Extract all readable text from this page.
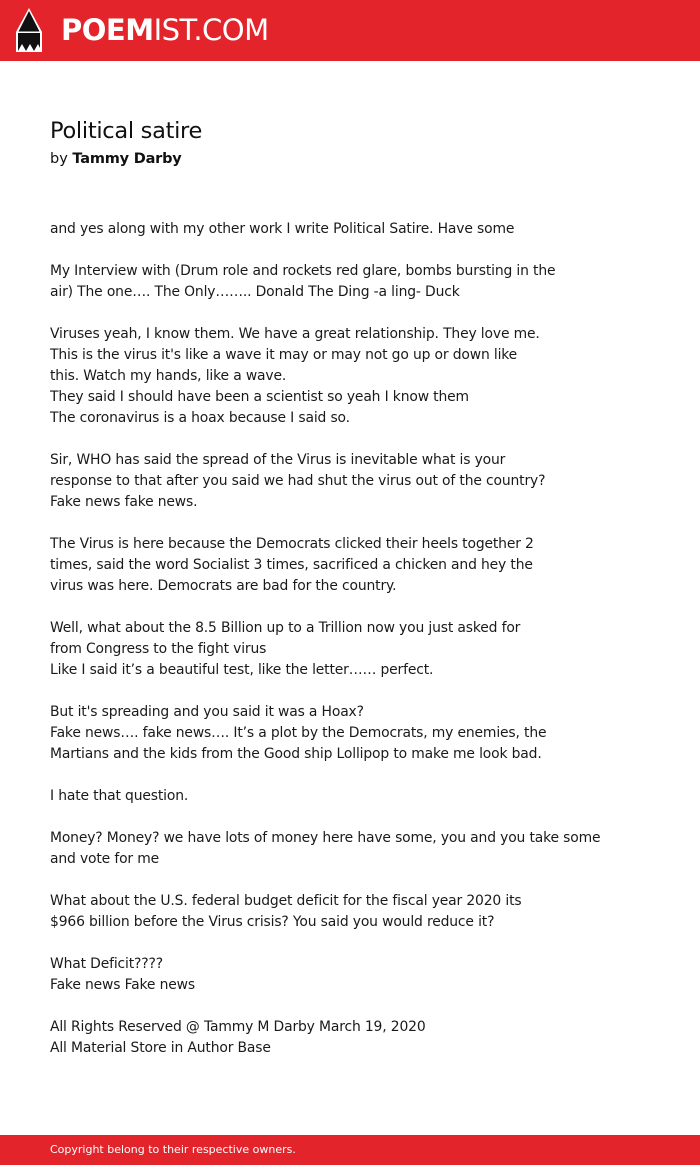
POEMIST.COM
Political satire
by Tammy Darby

and yes along with my other work I write Political Satire. Have some

My Interview with (Drum role and rockets red glare, bombs bursting in the
air) The one…. The Only…….. Donald The Ding -a ling- Duck

Viruses yeah, I know them. We have a great relationship. They love me.
This is the virus it's like a wave it may or may not go up or down like
this. Watch my hands, like a wave.
They said I should have been a scientist so yeah I know them
The coronavirus is a hoax because I said so.

Sir, WHO has said the spread of the Virus is inevitable what is your
response to that after you said we had shut the virus out of the country?
Fake news fake news.

The Virus is here because the Democrats clicked their heels together 2
times, said the word Socialist 3 times, sacrificed a chicken and hey the
virus was here. Democrats are bad for the country.

Well, what about the 8.5 Billion up to a Trillion now you just asked for
from Congress to the fight virus
Like I said it’s a beautiful test, like the letter…… perfect.

But it's spreading and you said it was a Hoax?
Fake news…. fake news…. It’s a plot by the Democrats, my enemies, the
Martians and the kids from the Good ship Lollipop to make me look bad.

I hate that question.

Money? Money? we have lots of money here have some, you and you take some
and vote for me

What about the U.S. federal budget deficit for the fiscal year 2020 its
$966 billion before the Virus crisis? You said you would reduce it?

What Deficit????
Fake news Fake news

All Rights Reserved @ Tammy M Darby March 19, 2020
All Material Store in Author Base

Copyright belong to their respective owners.
